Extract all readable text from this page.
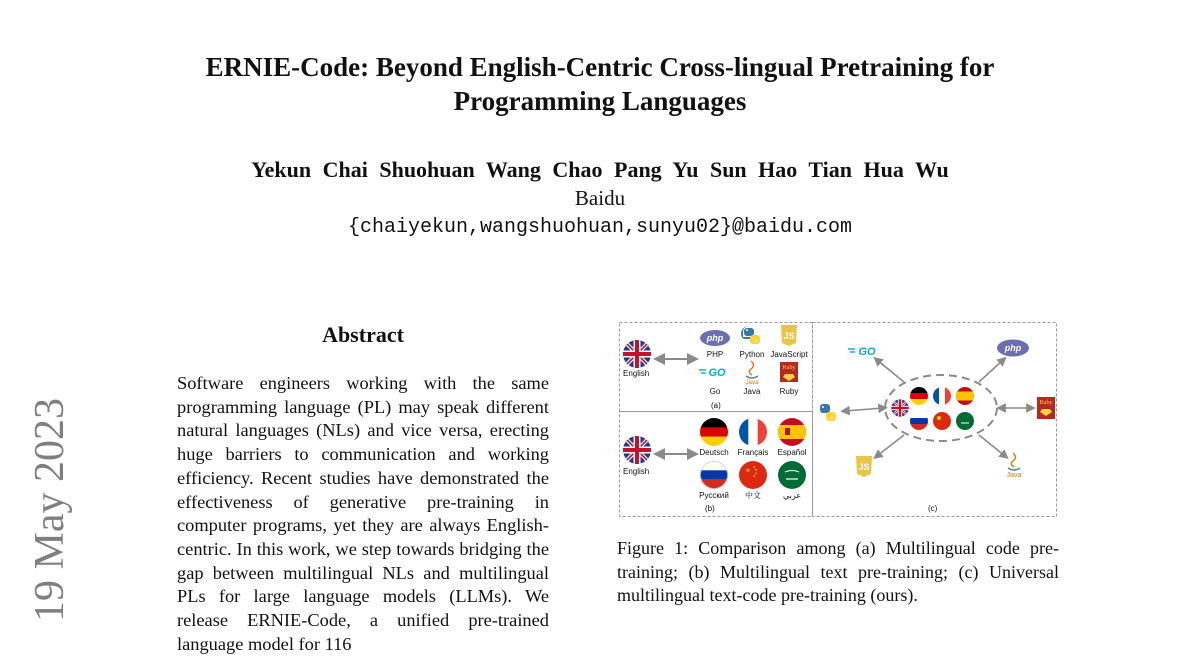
ERNIE-Code: Beyond English-Centric Cross-lingual Pretraining for
Programming Languages
Yekun Chai Shuohuan Wang Chao Pang Yu Sun Hao Tian Hua Wu
Baidu
{chaiyekun,wangshuohuan,sunyu02}@baidu.com
19 May 2023
Abstract

Software engineers working with the same programming language (PL) may speak different natural languages (NLs) and vice versa, erecting huge barriers to communication and working efficiency. Recent studies have demonstrated the effectiveness of generative pre-training in computer programs, yet they are always English-centric. In this work, we step towards bridging the gap between multilingual NLs and multilingual PLs for large language models (LLMs). We release ERNIE-Code, a unified pre-trained language model for 116

English
php
PHP Python
JS
JavaScript
GO
Go
Java
Java
Ruby
Ruby
(a)
English
Deutsch Français Español
Русский 中文	عربي
(b)
GO	php
Ruby
JS
Java
(c)

Figure 1: Comparison among (a) Multilingual code pre-training; (b) Multilingual text pre-training; (c) Universal multilingual text-code pre-training (ours).
